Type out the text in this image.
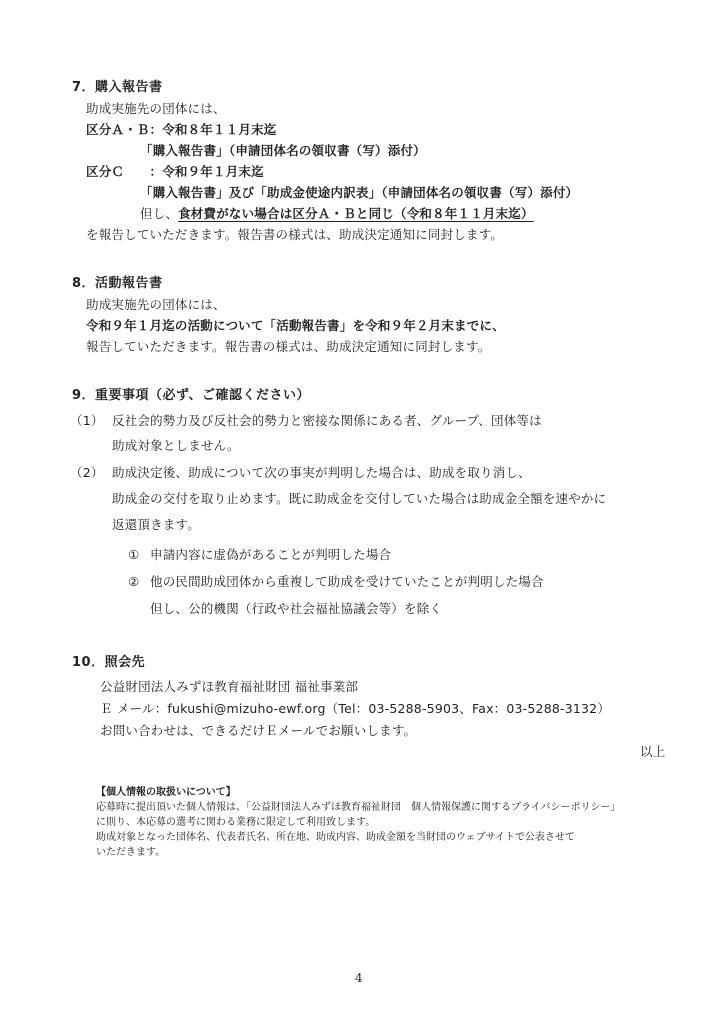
7．購入報告書
助成実施先の団体には、
区分Ａ・Ｂ：令和８年１１月末迄
「購入報告書」（申請団体名の領収書（写）添付）
区分Ｃ　　：令和９年１月末迄
「購入報告書」及び「助成金使途内訳表」（申請団体名の領収書（写）添付）
但し、食材費がない場合は区分Ａ・Ｂと同じ（令和８年１１月末迄）
を報告していただきます。報告書の様式は、助成決定通知に同封します。
8．活動報告書
助成実施先の団体には、
令和９年１月迄の活動について「活動報告書」を令和９年２月末までに、
報告していただきます。報告書の様式は、助成決定通知に同封します。
9．重要事項（必ず、ご確認ください）
（1） 反社会的勢力及び反社会的勢力と密接な関係にある者、グループ、団体等は
助成対象としません。
（2） 助成決定後、助成について次の事実が判明した場合は、助成を取り消し、
助成金の交付を取り止めます。既に助成金を交付していた場合は助成金全額を速やかに
返還頂きます。
① 申請内容に虚偽があることが判明した場合
② 他の民間助成団体から重複して助成を受けていたことが判明した場合
但し、公的機関（行政や社会福祉協議会等）を除く
10．照会先
公益財団法人みずほ教育福祉財団 福祉事業部
Ｅ メール：fukushi@mizuho-ewf.org（Tel：03-5288-5903、Fax：03-5288-3132）
お問い合わせは、できるだけＥメールでお願いします。
以上
【個人情報の取扱いについて】
応募時に提出頂いた個人情報は、「公益財団法人みずほ教育福祉財団　個人情報保護に関するプライバシーポリシー」
に則り、本応募の選考に関わる業務に限定して利用致します。
助成対象となった団体名、代表者氏名、所在地、助成内容、助成金額を当財団のウェブサイトで公表させて
いただきます。
4
